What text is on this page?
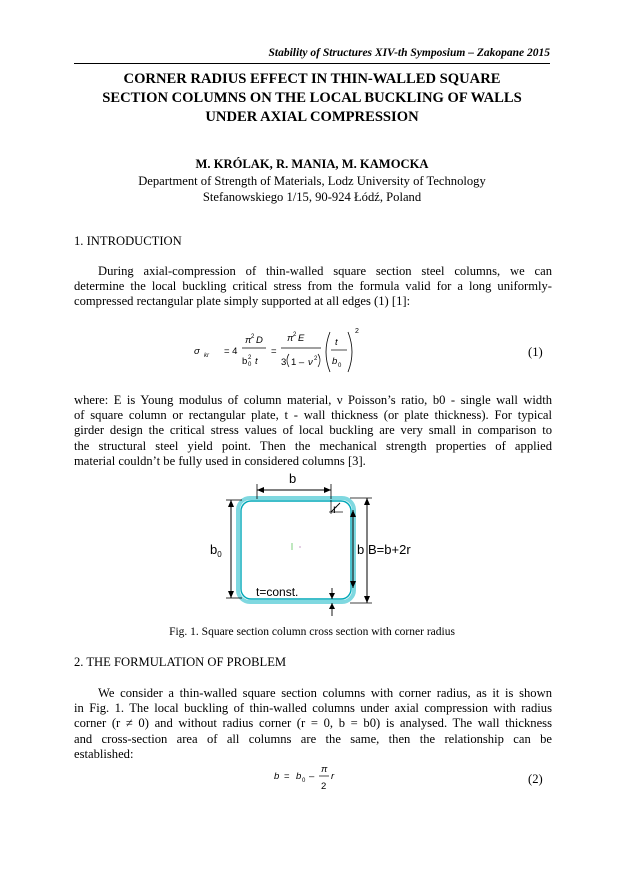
Stability of Structures XIV-th Symposium – Zakopane 2015
CORNER RADIUS EFFECT IN THIN-WALLED SQUARE
SECTION COLUMNS ON THE LOCAL BUCKLING OF WALLS
UNDER AXIAL COMPRESSION
M. KRÓLAK, R. MANIA, M. KAMOCKA
Department of Strength of Materials, Lodz University of Technology
Stefanowskiego 1/15, 90-924 Łódź, Poland
1. INTRODUCTION
During axial-compression of thin-walled square section steel columns, we can
determine the local buckling critical stress from the formula valid for a long uniformly-
compressed rectangular plate simply supported at all edges (1) [1]:
σ kr = 4
π 2 D
b 2
0 t
=
π 2 E
3 1 – ν 2
t
b 0
2
(1)
where: E is Young modulus of column material, ν Poisson’s ratio, b0 - single wall width
of square column or rectangular plate, t - wall thickness (or plate thickness). For typical
girder design the critical stress values of local buckling are very small in comparison to
the structural steel yield point. Then the mechanical strength properties of applied
material couldn’t be fully used in considered columns [3].
b
r
$b_0$	b B=b+2r
t=const.
Fig. 1. Square section column cross section with corner radius
2. THE FORMULATION OF PROBLEM
We consider a thin-walled square section columns with corner radius, as it is shown
in Fig. 1. The local buckling of thin-walled columns under axial compression with radius
corner (r ≠ 0) and without radius corner (r = 0, b = b0) is analysed. The wall thickness
and cross-section area of all columns are the same, then the relationship can be
established:
b = b 0 –
π
2
r	(2)
